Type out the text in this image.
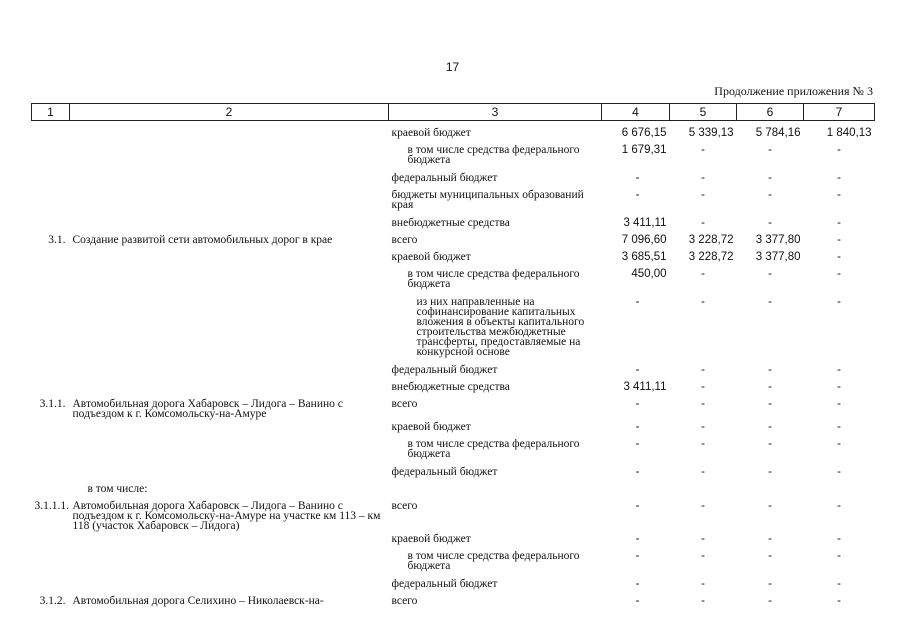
17
Продолжение приложения № 3
1	2	3	4	5	6	7

		краевой бюджет	6 676,15	5 339,13	5 784,16	1 840,13
		в том числе средства федерального бюджета	1 679,31	-	-	-
		федеральный бюджет	-	-	-	-
		бюджеты муниципальных образований края	-	-	-	-
		внебюджетные средства	3 411,11	-	-	-
3.1.	Создание развитой сети автомобильных дорог в крае	всего	7 096,60	3 228,72	3 377,80	-
		краевой бюджет	3 685,51	3 228,72	3 377,80	-
		в том числе средства федерального бюджета	450,00	-	-	-
		из них направленные на софинансирование капитальных вложения в объекты капитального строительства межбюджетные трансферты, предоставляемые на конкурсной основе	-	-	-	-
		федеральный бюджет	-	-	-	-
		внебюджетные средства	3 411,11	-	-	-
3.1.1.	Автомобильная дорога Хабаровск – Лидога – Ванино с подъездом к г. Комсомольску-на-Амуре	всего	-	-	-	-
		краевой бюджет	-	-	-	-
		в том числе средства федерального бюджета	-	-	-	-
		федеральный бюджет	-	-	-	-
	в том числе:					
3.1.1.1.	Автомобильная дорога Хабаровск – Лидога – Ванино с подъездом к г. Комсомольску-на-Амуре на участке км 113 – км 118 (участок Хабаровск – Лидога)	всего	-	-	-	-
		краевой бюджет	-	-	-	-
		в том числе средства федерального бюджета	-	-	-	-
		федеральный бюджет	-	-	-	-
3.1.2.	Автомобильная дорога Селихино – Николаевск-на-	всего	-	-	-	-
